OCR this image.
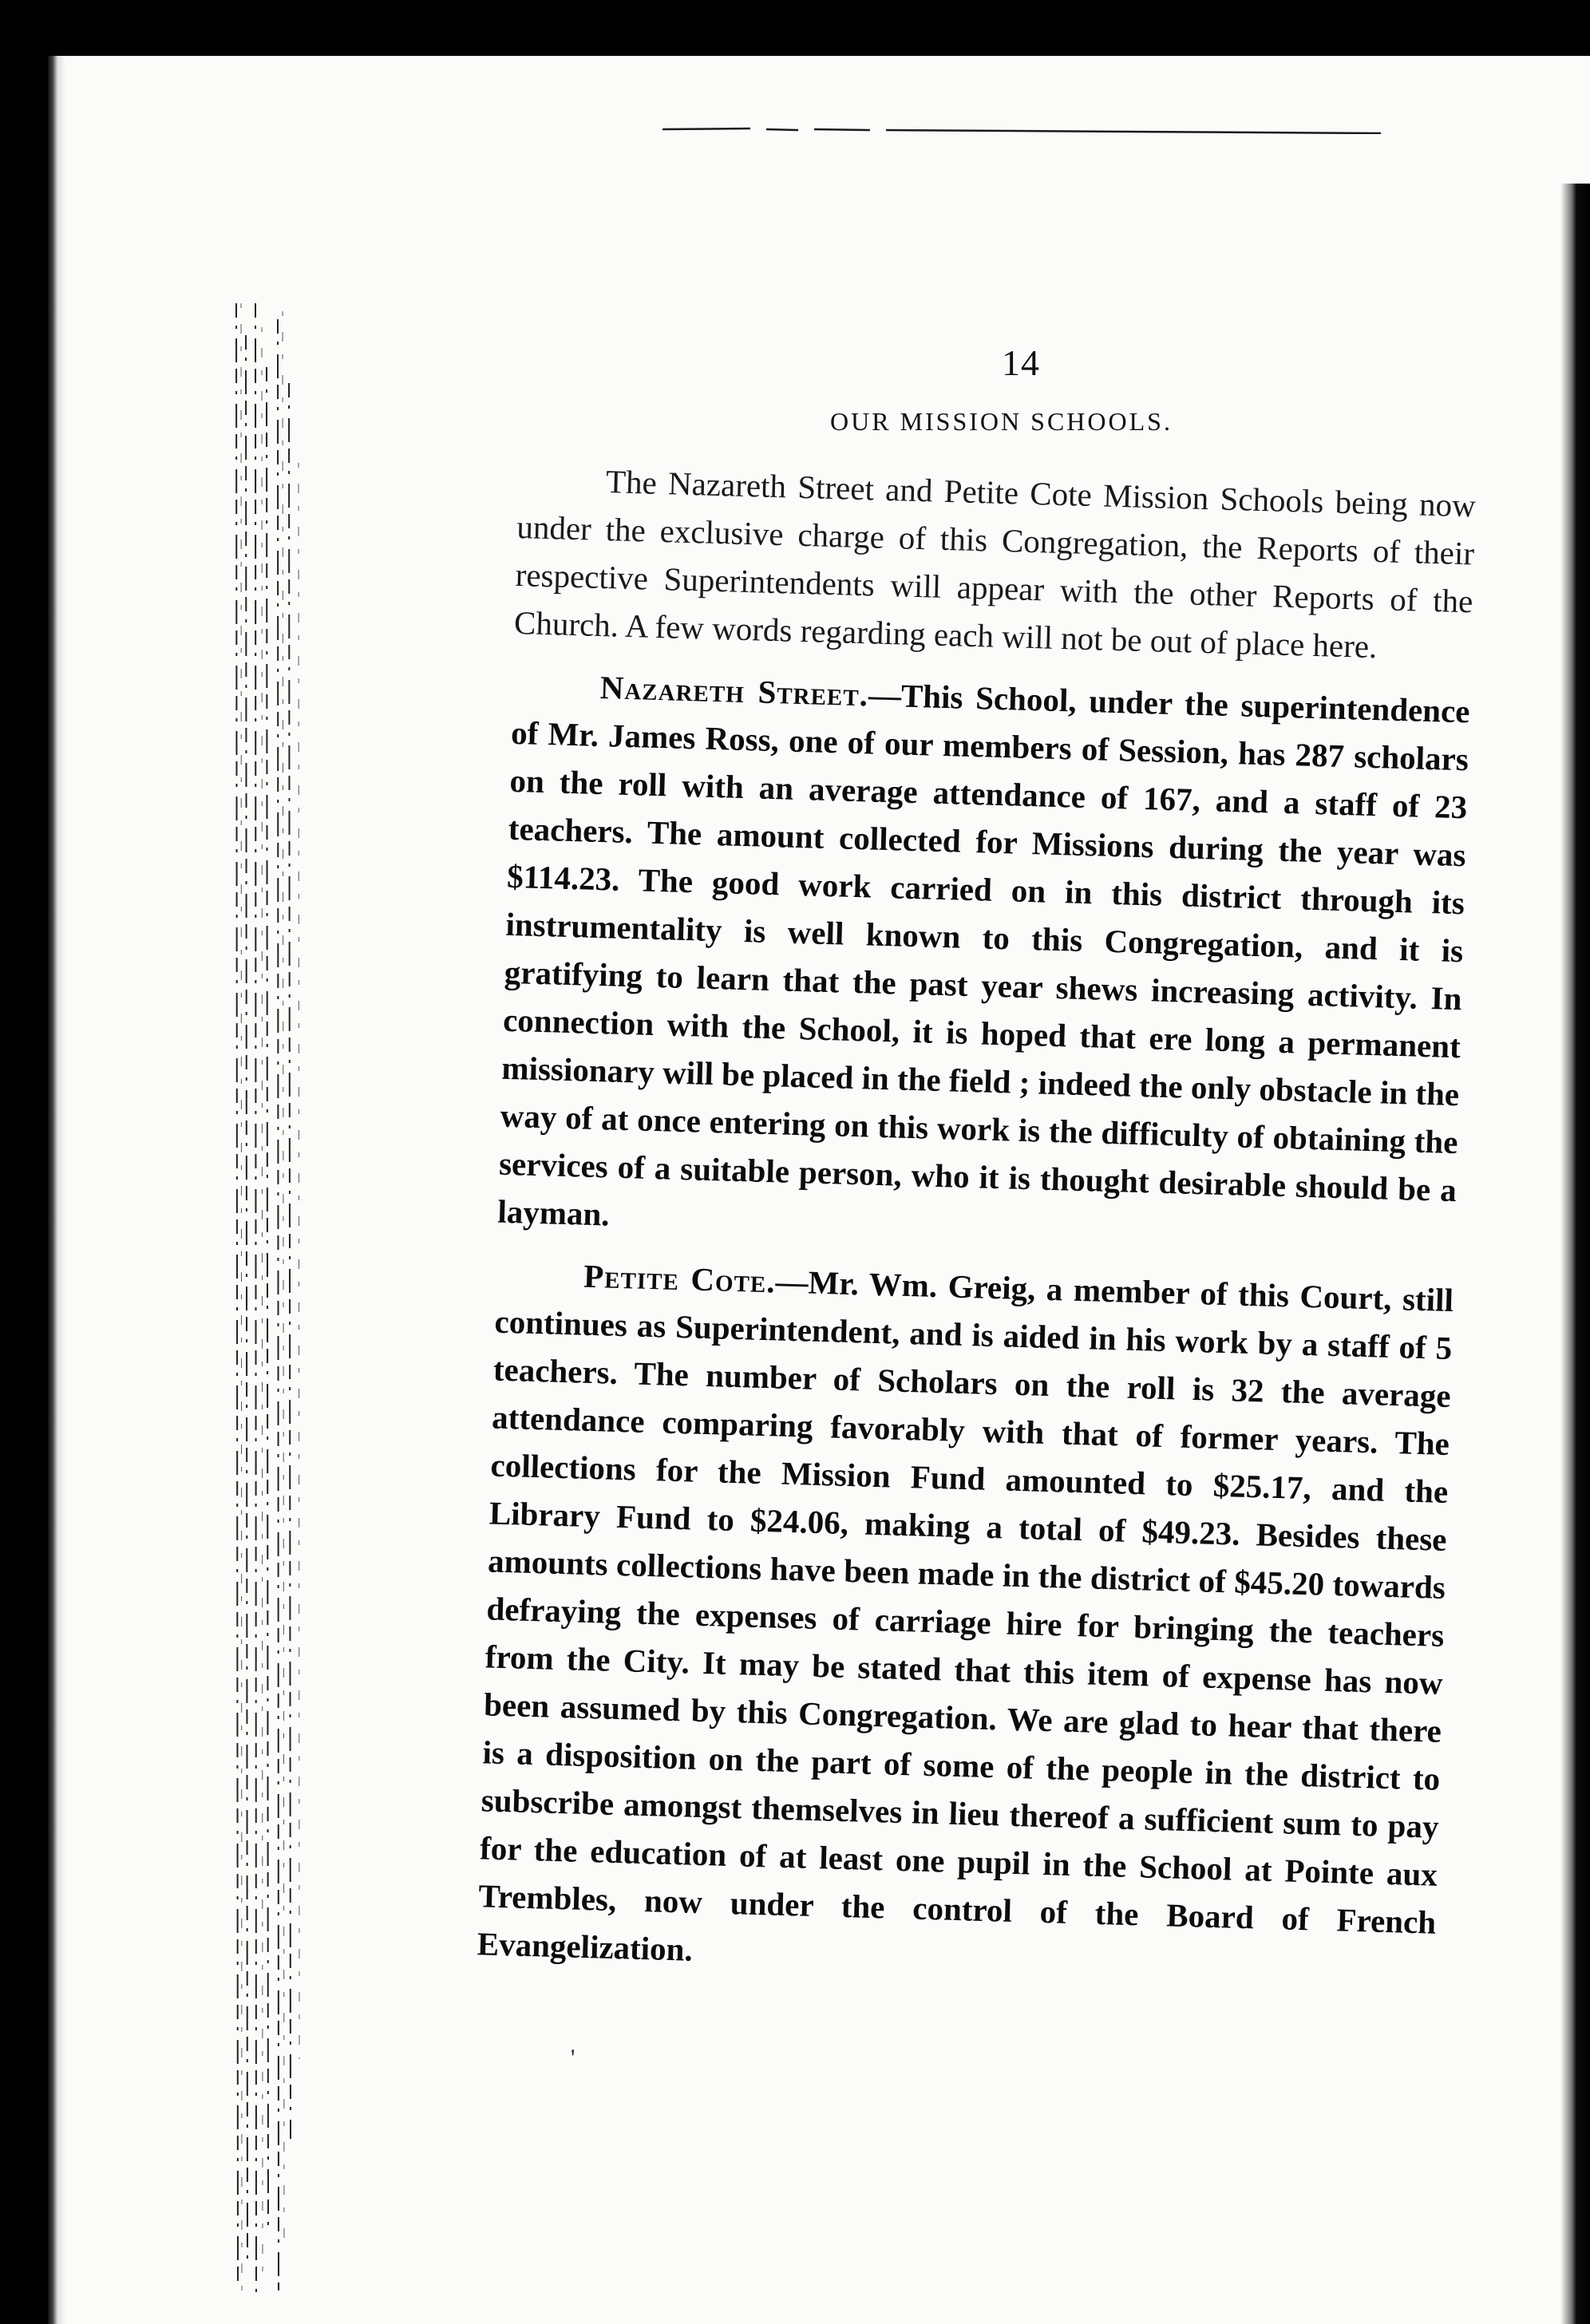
14
OUR MISSION SCHOOLS.

The Nazareth Street and Petite Cote Mission Schools being now under the exclusive charge of this Congregation, the Reports of their respective Superintendents will appear with the other Reports of the Church. A few words regarding each will not be out of place here.

Nazareth Street.—This School, under the superintendence of Mr. James Ross, one of our members of Session, has 287 scholars on the roll with an average attendance of 167, and a staff of 23 teachers. The amount collected for Missions during the year was $114.23. The good work carried on in this district through its instrumentality is well known to this Congregation, and it is gratifying to learn that the past year shews increasing activity. In connection with the School, it is hoped that ere long a permanent missionary will be placed in the field ; indeed the only obstacle in the way of at once entering on this work is the difficulty of obtaining the services of a suitable person, who it is thought desirable should be a layman.

Petite Cote.—Mr. Wm. Greig, a member of this Court, still continues as Superintendent, and is aided in his work by a staff of 5 teachers. The number of Scholars on the roll is 32 the average attendance comparing favorably with that of former years. The collections for the Mission Fund amounted to $25.17, and the Library Fund to $24.06, making a total of $49.23. Besides these amounts collections have been made in the district of $45.20 towards defraying the expenses of carriage hire for bringing the teachers from the City. It may be stated that this item of expense has now been assumed by this Congregation. We are glad to hear that there is a disposition on the part of some of the people in the district to subscribe amongst themselves in lieu thereof a sufficient sum to pay for the education of at least one pupil in the School at Pointe aux Trembles, now under the control of the Board of French Evangelization.

'
